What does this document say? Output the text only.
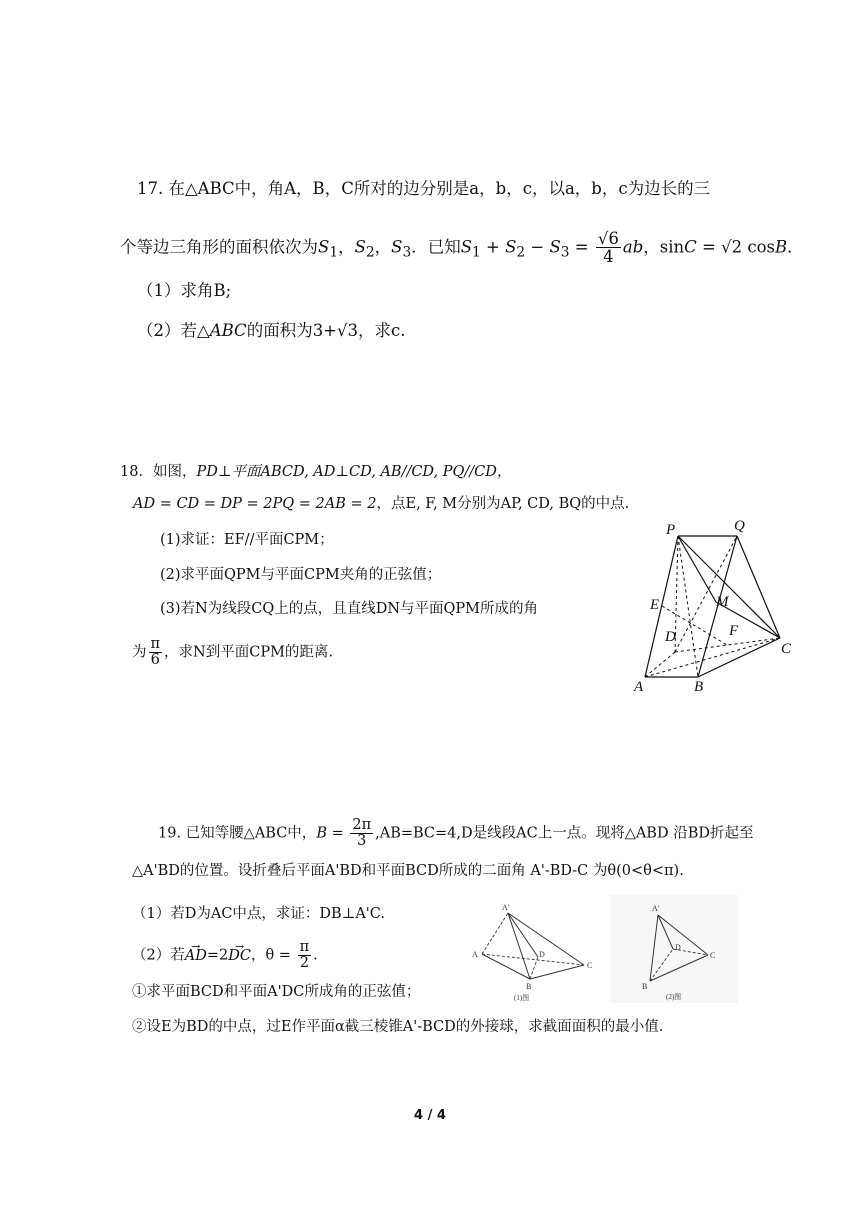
17. 在△ABC中，角A，B，C所对的边分别是a，b，c，以a，b，c为边长的三
个等边三角形的面积依次为$S_1$，$S_2$，$S_3$．已知$S_1 + S_2 - S_3 = \frac{√6}{4}$ ab，sinC = √2 cosB．
（1）求角B;
（2）若△ABC的面积为3+√3，求c.
18．如图，PD⊥平面ABCD, AD⊥CD, AB//CD, PQ//CD，
AD = CD = DP = 2PQ = 2AB = 2，点E, F, M分别为AP, CD, BQ的中点.
(1)求证：EF//平面CPM；
(2)求平面QPM与平面CPM夹角的正弦值；
(3)若N为线段CQ上的点，且直线DN与平面QPM所成的角
为 $\frac{\pi}{6}$ ，求N到平面CPM的距离.
P	Q
E	M
D	F
C
A	B
19. 已知等腰△ABC中，$B = \frac{2\pi}{3} ,AB=BC=4,D$是线段AC上一点。现将△ABD 沿BD折起至
△A'BD的位置。设折叠后平面A'BD和平面BCD所成的二面角 A'-BD-C 为θ(0<θ<π).
（1）若D为AC中点，求证：DB⊥A'C.
（2）若→ AD=2→ DC，$\theta = \frac{\pi}{2}$ .
①求平面BCD和平面A'DC所成角的正弦值；
②设E为BD的中点，过E作平面α截三棱锥A'-BCD的外接球，求截面面积的最小值.
A'
A	D
C
B
(1)图
A'
D
C
B
(2)图
4 / 4
